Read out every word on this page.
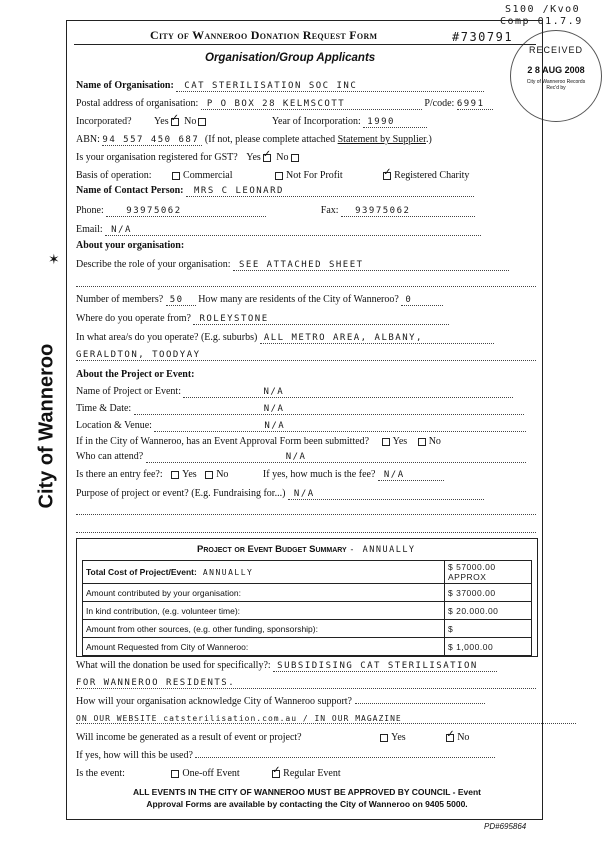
S100 /Kvo0
Comp 01.7.9
#730791
RECEIVED
2 8 AUG 2008
City of Wanneroo Records Rec'd by
City of Wanneroo
City of Wanneroo Donation Request Form
Organisation/Group Applicants
Name of Organisation: CAT STERILISATION SOC INC
Postal address of organisation: P O BOX 28 KELMSCOTT	P/code: 6991
Incorporated? Yes ✓ No	Year of Incorporation: 1990
ABN: 94 557 450 687 (If not, please complete attached Statement by Supplier.)
Is your organisation registered for GST? Yes ✓ No
Basis of operation:	Commercial	Not For Profit ✓	Registered Charity
Name of Contact Person: MRS C LEONARD
Phone:	93975062	Fax: 93975062
Email: N/A
About your organisation:
✶ Describe the role of your organisation: SEE ATTACHED SHEET
Number of members? 50 How many are residents of the City of Wanneroo? 0
Where do you operate from? ROLEYSTONE
In what area/s do you operate? (E.g. suburbs) ALL METRO AREA, ALBANY,
GERALDTON, TOODYAY
About the Project or Event:
Name of Project or Event:	N/A
Time & Date:	N/A
Location & Venue:	N/A
If in the City of Wanneroo, has an Event Approval Form been submitted? Yes No
Who can attend?	N/A
Is there an entry fee?: Yes No	If yes, how much is the fee? N/A
Purpose of project or event? (E.g. Fundraising for...) N/A
Project or Event Budget Summary - ANNUALLY
Total Cost of Project/Event: ANNUALLY	$ 57000.00 APPROX
Amount contributed by your organisation:	$ 37000.00
In kind contribution, (e.g. volunteer time):	$ 20.000.00
Amount from other sources, (e.g. other funding, sponsorship):	$
Amount Requested from City of Wanneroo:	$ 1,000.00
What will the donation be used for specifically?: SUBSIDISING CAT STERILISATION
FOR WANNEROO RESIDENTS.
How will your organisation acknowledge City of Wanneroo support?
ON OUR WEBSITE catsterilisation.com.au / IN OUR MAGAZINE
Will income be generated as a result of event or project?	Yes ✓	No
If yes, how will this be used?
Is the event:	One-off Event ✓	Regular Event
ALL EVENTS IN THE CITY OF WANNEROO MUST BE APPROVED BY COUNCIL - Event
Approval Forms are available by contacting the City of Wanneroo on 9405 5000.
PD#695864
